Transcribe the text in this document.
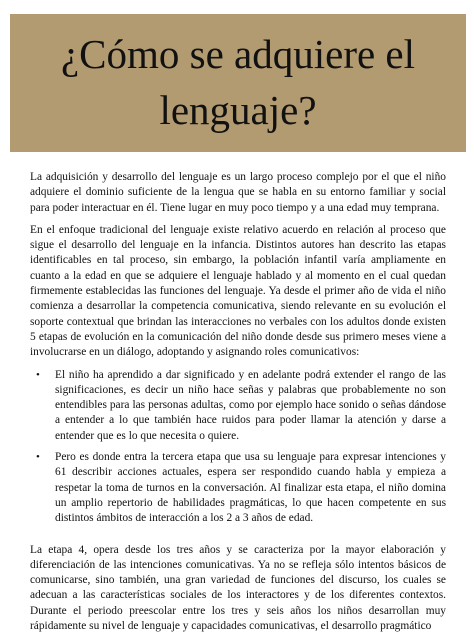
¿Cómo se adquiere el lenguaje?

La adquisición y desarrollo del lenguaje es un largo proceso complejo por el que el niño adquiere el dominio suficiente de la lengua que se habla en su entorno familiar y social para poder interactuar en él. Tiene lugar en muy poco tiempo y a una edad muy temprana.

En el enfoque tradicional del lenguaje existe relativo acuerdo en relación al proceso que sigue el desarrollo del lenguaje en la infancia. Distintos autores han descrito las etapas identificables en tal proceso, sin embargo, la población infantil varía ampliamente en cuanto a la edad en que se adquiere el lenguaje hablado y al momento en el cual quedan firmemente establecidas las funciones del lenguaje. Ya desde el primer año de vida el niño comienza a desarrollar la competencia comunicativa, siendo relevante en su evolución el soporte contextual que brindan las interacciones no verbales con los adultos donde existen 5 etapas de evolución en la comunicación del niño donde desde sus primero meses viene a involucrarse en un diálogo, adoptando y asignando roles comunicativos:

• El niño ha aprendido a dar significado y en adelante podrá extender el rango de las significaciones, es decir un niño hace señas y palabras que probablemente no son entendibles para las personas adultas, como por ejemplo hace sonido o señas dándose a entender a lo que también hace ruidos para poder llamar la atención y darse a entender que es lo que necesita o quiere.
• Pero es donde entra la tercera etapa que usa su lenguaje para expresar intenciones y 61 describir acciones actuales, espera ser respondido cuando habla y empieza a respetar la toma de turnos en la conversación. Al finalizar esta etapa, el niño domina un amplio repertorio de habilidades pragmáticas, lo que hacen competente en sus distintos ámbitos de interacción a los 2 a 3 años de edad.

La etapa 4, opera desde los tres años y se caracteriza por la mayor elaboración y diferenciación de las intenciones comunicativas. Ya no se refleja sólo intentos básicos de comunicarse, sino también, una gran variedad de funciones del discurso, los cuales se adecuan a las características sociales de los interactores y de los diferentes contextos. Durante el periodo preescolar entre los tres y seis años los niños desarrollan muy rápidamente su nivel de lenguaje y capacidades comunicativas, el desarrollo pragmático
